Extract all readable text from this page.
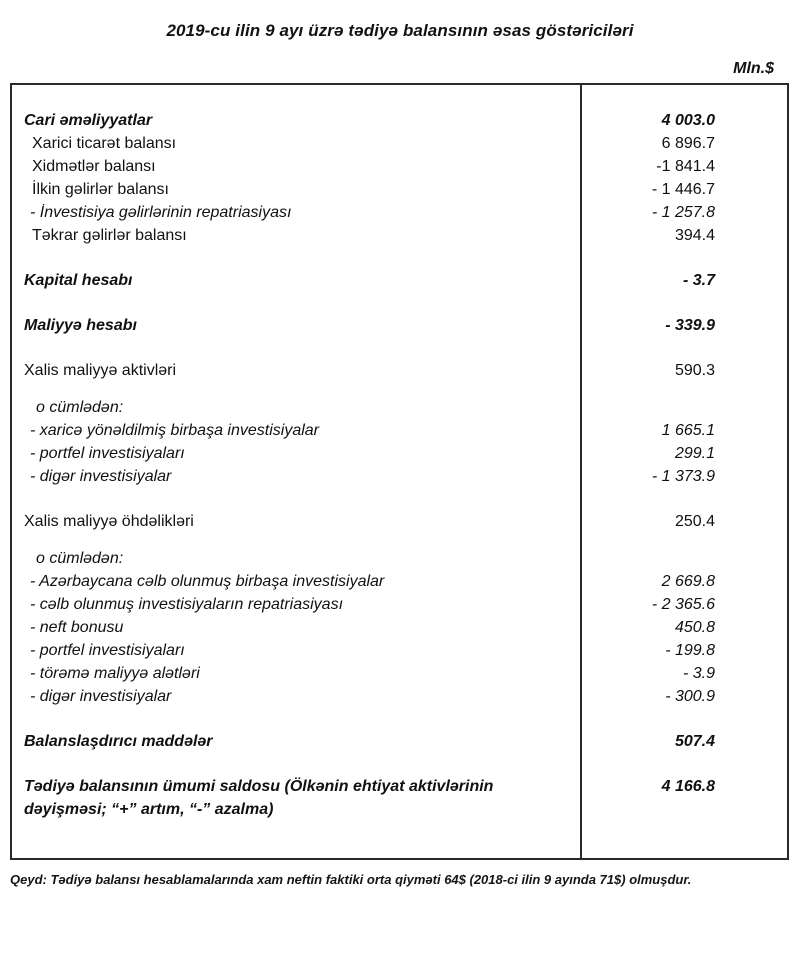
2019-cu ilin 9 ayı üzrə tədiyə balansının əsas göstəriciləri
Mln.$
Cari əməliyyatlar	4 003.0
Xarici ticarət balansı	6 896.7
Xidmətlər balansı	-1 841.4
İlkin gəlirlər balansı	- 1 446.7
- İnvestisiya gəlirlərinin repatriasiyası	- 1 257.8
Təkrar gəlirlər balansı	394.4
Kapital hesabı	- 3.7
Maliyyə hesabı	- 339.9
Xalis maliyyə aktivləri	590.3
o cümlədən:
- xaricə yönəldilmiş birbaşa investisiyalar	1 665.1
- portfel investisiyaları	299.1
- digər investisiyalar	- 1 373.9
Xalis maliyyə öhdəlikləri	250.4
o cümlədən:
- Azərbaycana cəlb olunmuş birbaşa investisiyalar	2 669.8
- cəlb olunmuş investisiyaların repatriasiyası	- 2 365.6
- neft bonusu	450.8
- portfel investisiyaları	- 199.8
- törəmə maliyyə alətləri	- 3.9
- digər investisiyalar	- 300.9
Balanslaşdırıcı maddələr	507.4
Tədiyə balansının ümumi saldosu (Ölkənin ehtiyat aktivlərinin dəyişməsi; “+” artım, “-” azalma)
4 166.8
Qeyd: Tədiyə balansı hesablamalarında xam neftin faktiki orta qiyməti 64$ (2018-ci ilin 9 ayında 71$) olmuşdur.
